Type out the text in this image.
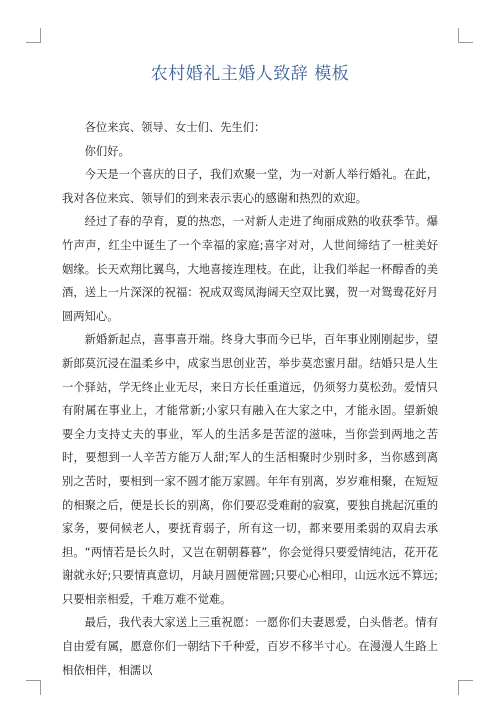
农村婚礼主婚人致辞 模板

各位来宾、领导、女士们、先生们：

你们好。

今天是一个喜庆的日子，我们欢聚一堂，为一对新人举行婚礼。在此，我对各位来宾、领导们的到来表示衷心的感谢和热烈的欢迎。

经过了春的孕育，夏的热恋，一对新人走进了绚丽成熟的收获季节。爆竹声声，红尘中诞生了一个幸福的家庭;喜字对对，人世间缔结了一桩美好姻缘。长天欢翔比翼鸟，大地喜接连理枝。在此，让我们举起一杯醇香的美酒，送上一片深深的祝福：祝成双鸾凤海阔天空双比翼，贺一对鸳鸯花好月圆两知心。

新婚新起点，喜事喜开端。终身大事而今已毕，百年事业刚刚起步，望新郎莫沉浸在温柔乡中，成家当思创业苦，举步莫恋蜜月甜。结婚只是人生一个驿站，学无终止业无尽，来日方长任重道远，仍须努力莫松劲。爱情只有附属在事业上，才能常新;小家只有融入在大家之中，才能永固。望新娘要全力支持丈夫的事业，军人的生活多是苦涩的滋味，当你尝到两地之苦时，要想到一人辛苦方能万人甜;军人的生活相聚时少别时多，当你感到离别之苦时，要相到一家不圆才能万家圆。年年有别离，岁岁难相聚，在短短的相聚之后，便是长长的别离，你们要忍受难耐的寂寞，要独自挑起沉重的家务，要伺候老人，要抚育弱子，所有这一切，都来要用柔弱的双肩去承担。“两情若是长久时，又岂在朝朝暮暮”，你会觉得只要爱情纯洁，花开花谢就永好;只要情真意切，月缺月圆便常圆;只要心心相印，山远水远不算远;只要相亲相爱，千难万难不觉难。

最后，我代表大家送上三重祝愿：一愿你们夫妻恩爱，白头偕老。情有自由爱有属，愿意你们一朝结下千种爱，百岁不移半寸心。在漫漫人生路上相依相伴，相濡以
